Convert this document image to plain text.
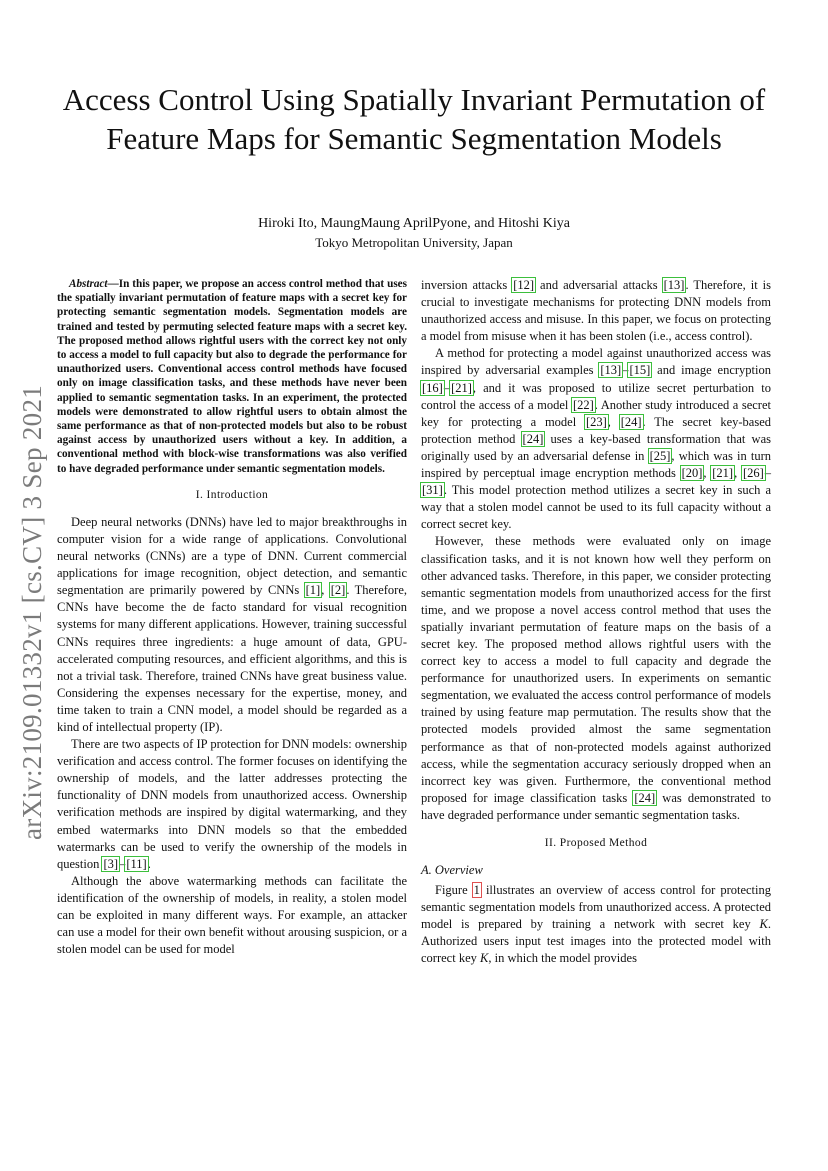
arXiv:2109.01332v1 [cs.CV] 3 Sep 2021
Access Control Using Spatially Invariant Permutation of Feature Maps for Semantic Segmentation Models
Hiroki Ito, MaungMaung AprilPyone, and Hitoshi Kiya
Tokyo Metropolitan University, Japan

Abstract—In this paper, we propose an access control method that uses the spatially invariant permutation of feature maps with a secret key for protecting semantic segmentation models. Segmentation models are trained and tested by permuting selected feature maps with a secret key. The proposed method allows rightful users with the correct key not only to access a model to full capacity but also to degrade the performance for unauthorized users. Conventional access control methods have focused only on image classification tasks, and these methods have never been applied to semantic segmentation tasks. In an experiment, the protected models were demonstrated to allow rightful users to obtain almost the same performance as that of non-protected models but also to be robust against access by unauthorized users without a key. In addition, a conventional method with block-wise transformations was also verified to have degraded performance under semantic segmentation models.

I. Introduction

Deep neural networks (DNNs) have led to major breakthroughs in computer vision for a wide range of applications. Convolutional neural networks (CNNs) are a type of DNN. Current commercial applications for image recognition, object detection, and semantic segmentation are primarily powered by CNNs [1], [2]. Therefore, CNNs have become the de facto standard for visual recognition systems for many different applications. However, training successful CNNs requires three ingredients: a huge amount of data, GPU-accelerated computing resources, and efficient algorithms, and this is not a trivial task. Therefore, trained CNNs have great business value. Considering the expenses necessary for the expertise, money, and time taken to train a CNN model, a model should be regarded as a kind of intellectual property (IP).

There are two aspects of IP protection for DNN models: ownership verification and access control. The former focuses on identifying the ownership of models, and the latter addresses protecting the functionality of DNN models from unauthorized access. Ownership verification methods are inspired by digital watermarking, and they embed watermarks into DNN models so that the embedded watermarks can be used to verify the ownership of the models in question [3]–[11].

Although the above watermarking methods can facilitate the identification of the ownership of models, in reality, a stolen model can be exploited in many different ways. For example, an attacker can use a model for their own benefit without arousing suspicion, or a stolen model can be used for model

inversion attacks [12] and adversarial attacks [13]. Therefore, it is crucial to investigate mechanisms for protecting DNN models from unauthorized access and misuse. In this paper, we focus on protecting a model from misuse when it has been stolen (i.e., access control).

A method for protecting a model against unauthorized access was inspired by adversarial examples [13]–[15] and image encryption [16]–[21], and it was proposed to utilize secret perturbation to control the access of a model [22]. Another study introduced a secret key for protecting a model [23], [24]. The secret key-based protection method [24] uses a key-based transformation that was originally used by an adversarial defense in [25], which was in turn inspired by perceptual image encryption methods [20], [21], [26]–[31]. This model protection method utilizes a secret key in such a way that a stolen model cannot be used to its full capacity without a correct secret key.

However, these methods were evaluated only on image classification tasks, and it is not known how well they perform on other advanced tasks. Therefore, in this paper, we consider protecting semantic segmentation models from unauthorized access for the first time, and we propose a novel access control method that uses the spatially invariant permutation of feature maps on the basis of a secret key. The proposed method allows rightful users with the correct key to access a model to full capacity and degrade the performance for unauthorized users. In experiments on semantic segmentation, we evaluated the access control performance of models trained by using feature map permutation. The results show that the protected models provided almost the same segmentation performance as that of non-protected models against authorized access, while the segmentation accuracy seriously dropped when an incorrect key was given. Furthermore, the conventional method proposed for image classification tasks [24] was demonstrated to have degraded performance under semantic segmentation tasks.

II. Proposed Method
A. Overview

Figure 1 illustrates an overview of access control for protecting semantic segmentation models from unauthorized access. A protected model is prepared by training a network with secret key K. Authorized users input test images into the protected model with correct key K, in which the model provides
